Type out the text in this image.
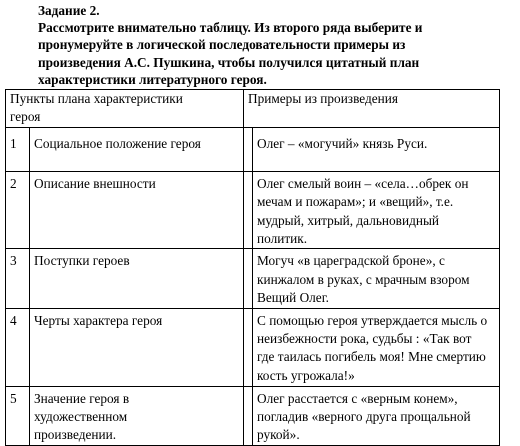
Задание 2.
Рассмотрите внимательно таблицу. Из второго ряда выберите и
пронумеруйте в логической последовательности примеры из
произведения А.С. Пушкина, чтобы получился цитатный план
характеристики литературного героя.
Пункты плана характеристики
героя		Примеры из произведения	
1	Социальное положение героя		Олег – «могучий» князь Руси.

2	Описание внешности		Олег смелый воин – «села…обрек он
мечам и пожарам»; и «вещий», т.е.
мудрый, хитрый, дальновидный
политик.

3	Поступки героев		Могуч «в цареградской броне», с
кинжалом в руках, с мрачным взором
Вещий Олег.

4	Черты характера героя		С помощью героя утверждается мысль о
неизбежности рока, судьбы : «Так вот
где таилась погибель моя! Мне смертию
кость угрожала!»

5	Значение героя в
художественном
произведении.		Олег расстается с «верным конем»,
погладив «верного друга прощальной
рукой».
